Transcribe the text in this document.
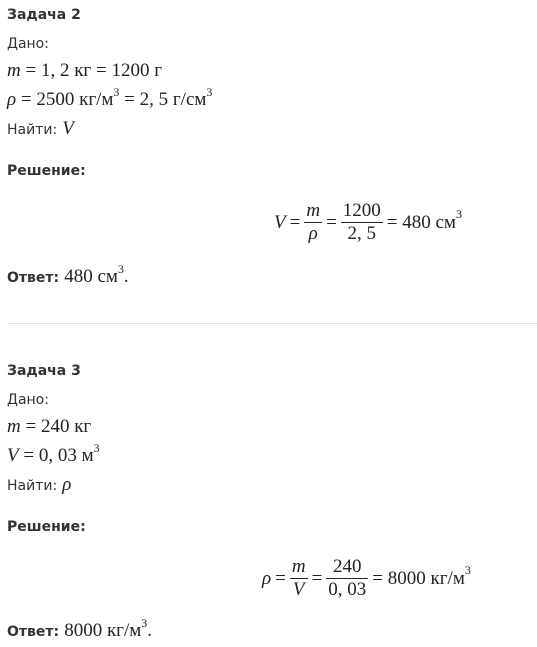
Задача 2
Дано:
m = 1, 2 кг = 1200 г
ρ = 2500 $кг/м^3 = 2$, 5 $г/см^3$
Найти: V
Решение:
$V = \frac{m}{\rho} = \frac{1200}{2, 5} = 480$ $см^3$
Ответ: 480 $см^3$.
Задача 3
Дано:
m = 240 кг
V = 0, 03 $м^3$
Найти: ρ
Решение:
$\rho = \frac{m}{V} = \frac{240}{0, 03} = 8000$ $кг/м^3$
Ответ: 8000 $кг/м^3$.
